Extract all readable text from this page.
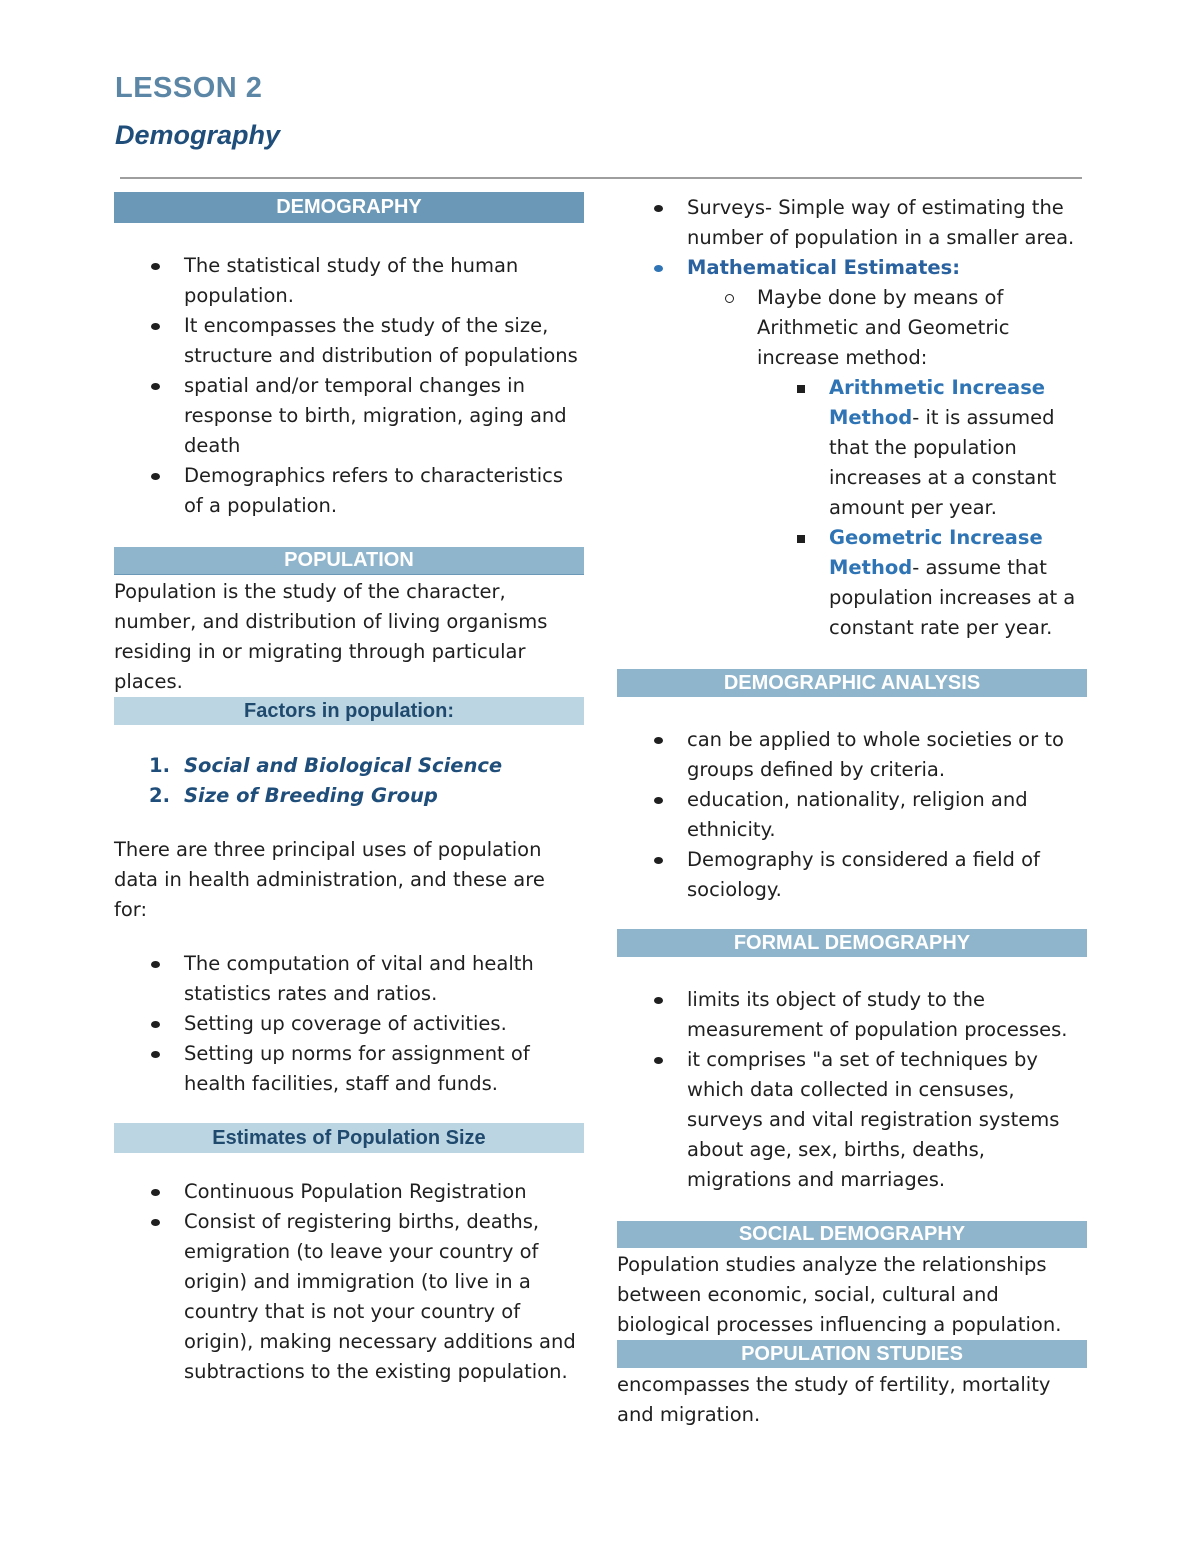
LESSON 2
Demography
DEMOGRAPHY
The statistical study of the human population.
It encompasses the study of the size, structure and distribution of populations
spatial and/or temporal changes in response to birth, migration, aging and death
Demographics refers to characteristics of a population.
POPULATION

Population is the study of the character, number, and distribution of living organisms residing in or migrating through particular places.

Factors in population:
1. Social and Biological Science
2. Size of Breeding Group

There are three principal uses of population data in health administration, and these are for:

The computation of vital and health statistics rates and ratios.
Setting up coverage of activities.
Setting up norms for assignment of health facilities, staff and funds.
Estimates of Population Size
Continuous Population Registration
Consist of registering births, deaths, emigration (to leave your country of origin) and immigration (to live in a country that is not your country of origin), making necessary additions and subtractions to the existing population.
Surveys- Simple way of estimating the number of population in a smaller area.
Mathematical Estimates:
Maybe done by means of Arithmetic and Geometric increase method:
Arithmetic Increase Method- it is assumed that the population increases at a constant amount per year.
Geometric Increase Method- assume that population increases at a constant rate per year.
DEMOGRAPHIC ANALYSIS
can be applied to whole societies or to groups defined by criteria.
education, nationality, religion and ethnicity.
Demography is considered a field of sociology.
FORMAL DEMOGRAPHY
limits its object of study to the measurement of population processes.
it comprises "a set of techniques by which data collected in censuses, surveys and vital registration systems about age, sex, births, deaths, migrations and marriages.
SOCIAL DEMOGRAPHY

Population studies analyze the relationships between economic, social, cultural and biological processes influencing a population.

POPULATION STUDIES

encompasses the study of fertility, mortality and migration.
